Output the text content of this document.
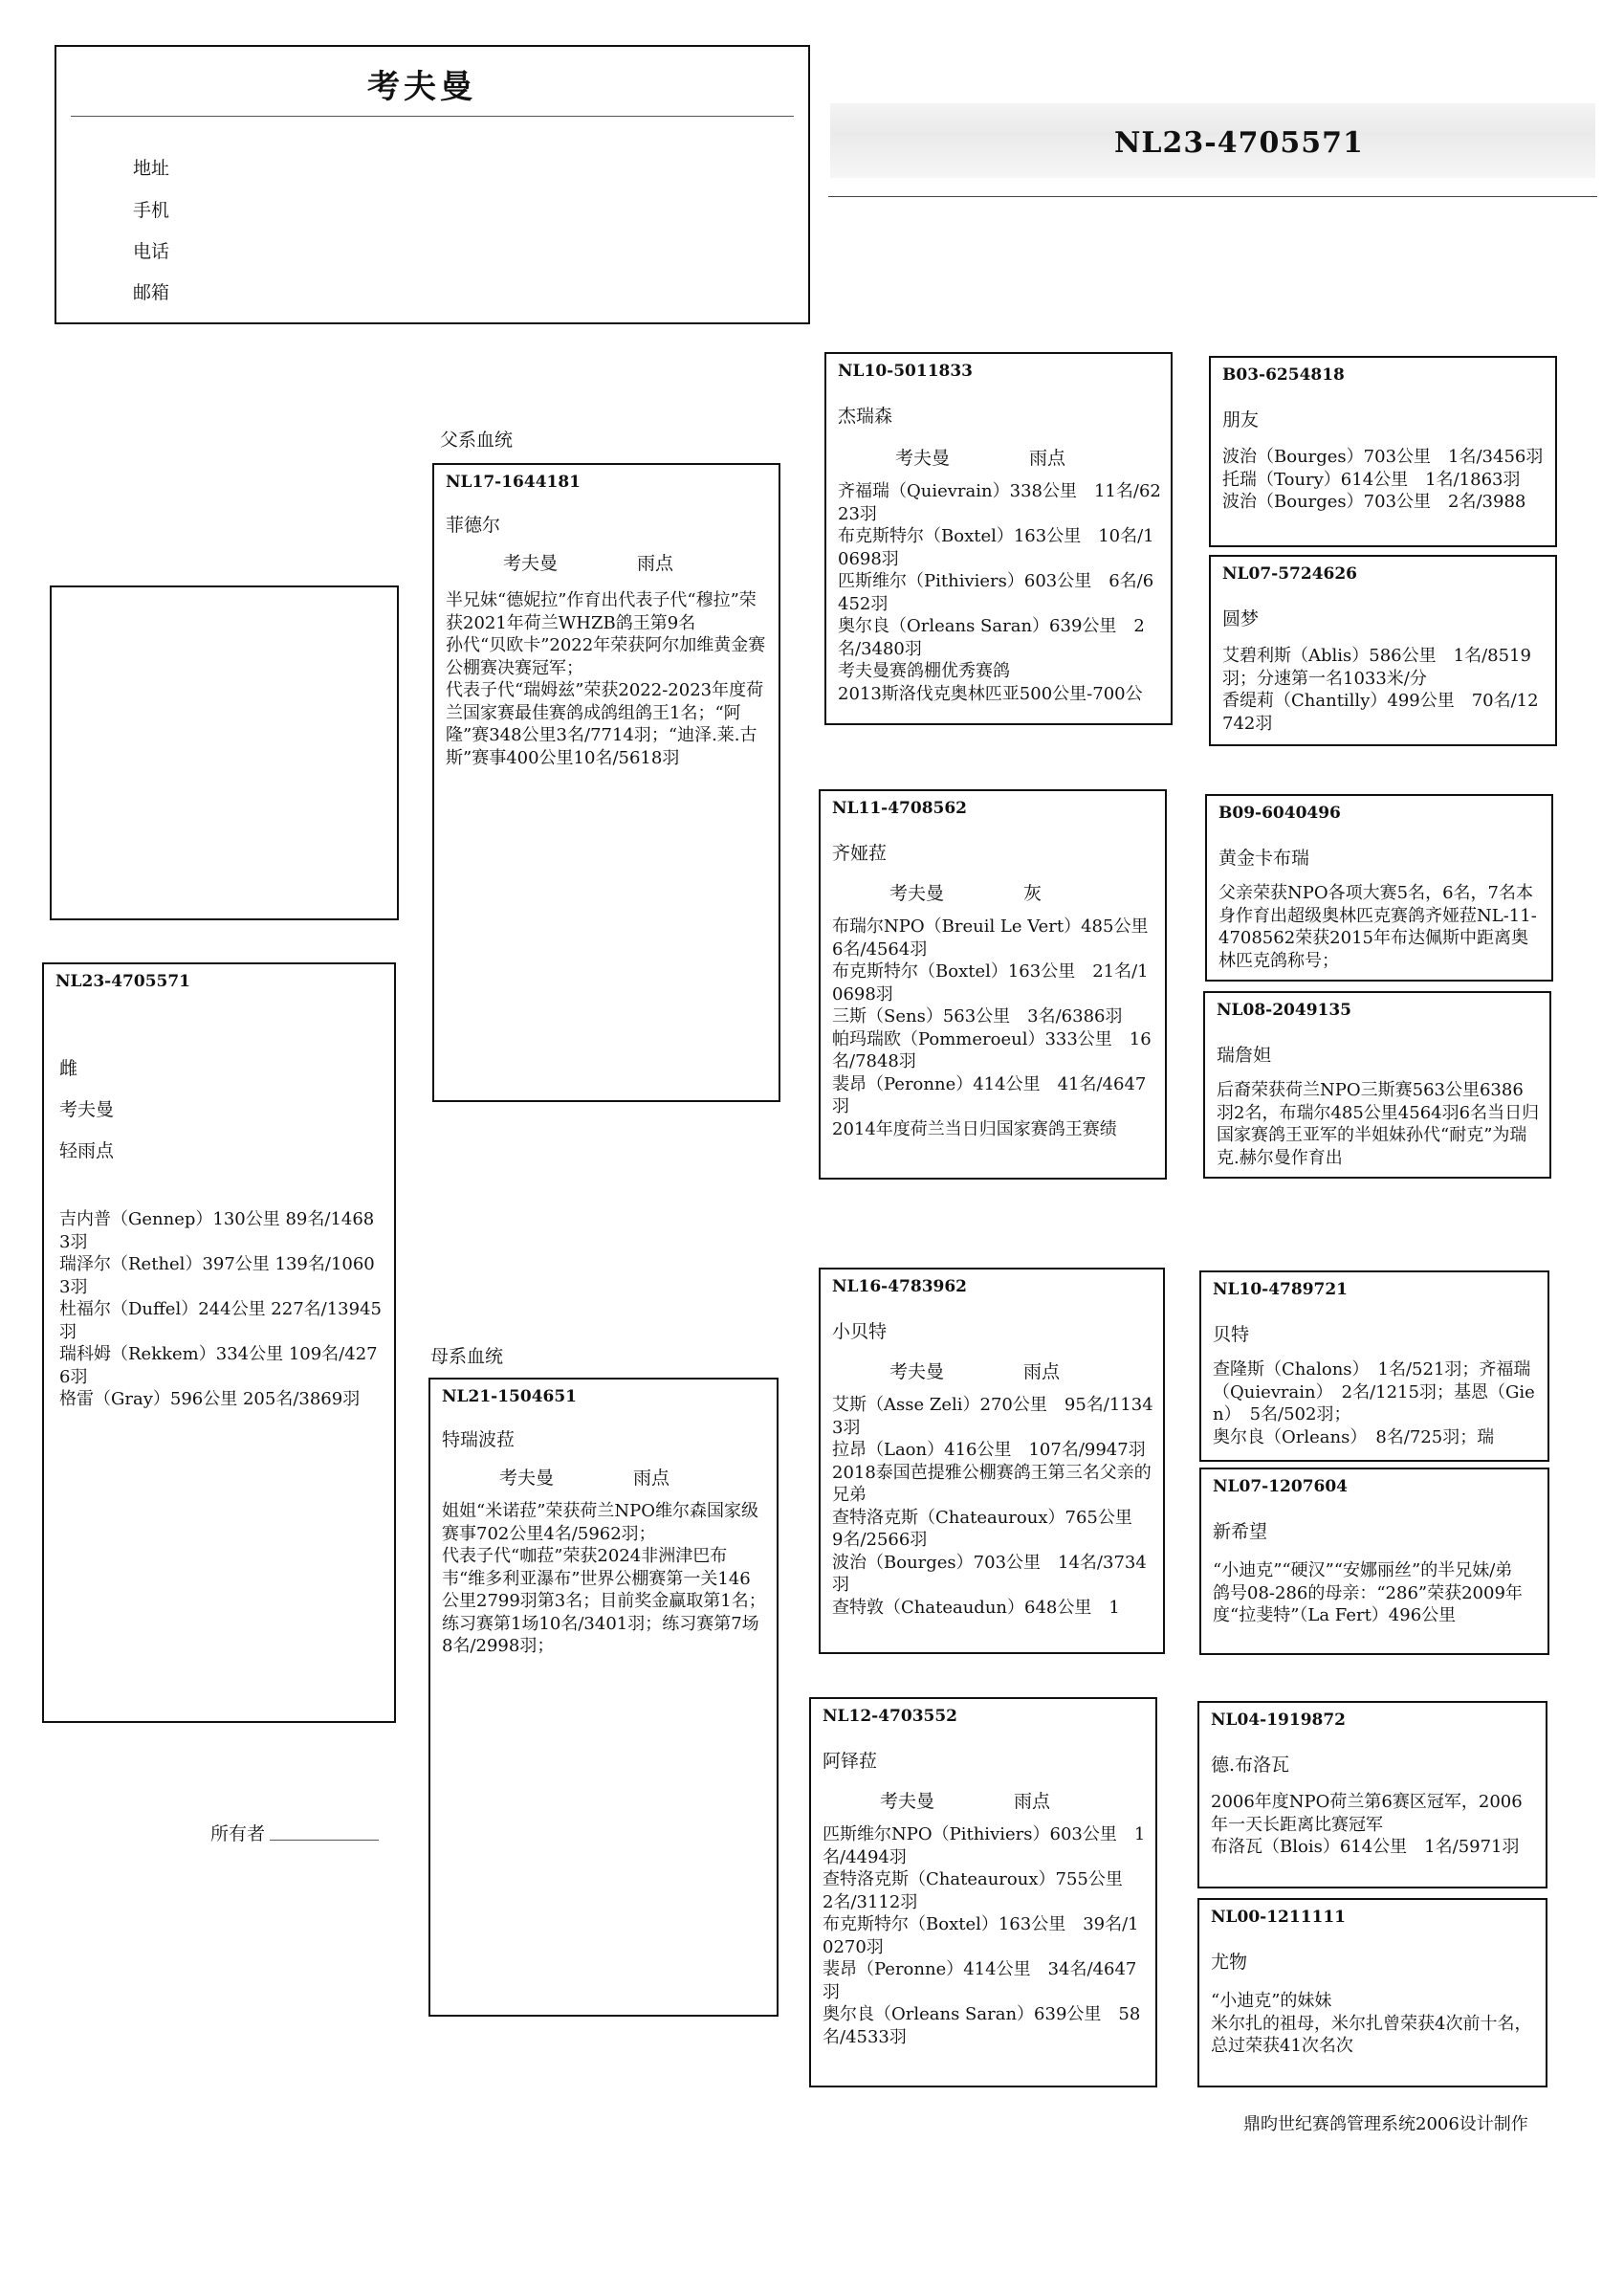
考夫曼
地址
手机
电话
邮箱
NL23-4705571
父系血统
母系血统
NL23-4705571
雌
考夫曼
轻雨点
吉内普（Gennep）130公里 89名/14683羽
瑞泽尔（Rethel）397公里 139名/10603羽
杜福尔（Duffel）244公里 227名/13945羽
瑞科姆（Rekkem）334公里 109名/4276羽
格雷（Gray）596公里 205名/3869羽
NL17-1644181
菲德尔
考夫曼	雨点
半兄妹“德妮拉”作育出代表子代“穆拉”荣获2021年荷兰WHZB鸽王第9名
孙代“贝欧卡”2022年荣获阿尔加维黄金赛公棚赛决赛冠军；
代表子代“瑞姆兹”荣获2022-2023年度荷兰国家赛最佳赛鸽成鸽组鸽王1名；“阿隆”赛348公里3名/7714羽；“迪泽.莱.古斯”赛事400公里10名/5618羽
NL21-1504651
特瑞波菈
考夫曼	雨点
姐姐“米诺菈”荣获荷兰NPO维尔森国家级赛事702公里4名/5962羽；
代表子代“咖菈”荣获2024非洲津巴布韦“维多利亚瀑布”世界公棚赛第一关146公里2799羽第3名；目前奖金赢取第1名；练习赛第1场10名/3401羽；练习赛第7场8名/2998羽；
NL10-5011833
杰瑞森
考夫曼	雨点
齐福瑞（Quievrain）338公里　11名/6223羽
布克斯特尔（Boxtel）163公里　10名/10698羽
匹斯维尔（Pithiviers）603公里　6名/6452羽
奥尔良（Orleans Saran）639公里　2名/3480羽
考夫曼赛鸽棚优秀赛鸽
2013斯洛伐克奥林匹亚500公里-700公
NL11-4708562
齐娅菈
考夫曼	灰
布瑞尔NPO（Breuil Le Vert）485公里　6名/4564羽
布克斯特尔（Boxtel）163公里　21名/10698羽
三斯（Sens）563公里　3名/6386羽
帕玛瑞欧（Pommeroeul）333公里　16名/7848羽
裴昂（Peronne）414公里　41名/4647羽
2014年度荷兰当日归国家赛鸽王赛绩
NL16-4783962
小贝特
考夫曼	雨点
艾斯（Asse Zeli）270公里　95名/11343羽
拉昂（Laon）416公里　107名/9947羽
2018泰国芭提雅公棚赛鸽王第三名父亲的兄弟
查特洛克斯（Chateauroux）765公里　9名/2566羽
波治（Bourges）703公里　14名/3734羽
查特敦（Chateaudun）648公里　1
NL12-4703552
阿铎菈
考夫曼	雨点
匹斯维尔NPO（Pithiviers）603公里　1名/4494羽
查特洛克斯（Chateauroux）755公里　2名/3112羽
布克斯特尔（Boxtel）163公里　39名/10270羽
裴昂（Peronne）414公里　34名/4647羽
奥尔良（Orleans Saran）639公里　58名/4533羽
B03-6254818
朋友
波治（Bourges）703公里　1名/3456羽
托瑞（Toury）614公里　1名/1863羽
波治（Bourges）703公里　2名/3988
NL07-5724626
圆梦
艾碧利斯（Ablis）586公里　1名/8519羽；分速第一名1033米/分
香缇莉（Chantilly）499公里　70名/12742羽
B09-6040496
黄金卡布瑞
父亲荣获NPO各项大赛5名，6名，7名本身作育出超级奥林匹克赛鸽齐娅菈NL-11-4708562荣获2015年布达佩斯中距离奥林匹克鸽称号；
NL08-2049135
瑞詹妲
后裔荣获荷兰NPO三斯赛563公里6386羽2名，布瑞尔485公里4564羽6名当日归国家赛鸽王亚军的半姐妹孙代“耐克”为瑞克.赫尔曼作育出
NL10-4789721
贝特
查隆斯（Chalons）　1名/521羽；齐福瑞（Quievrain）　2名/1215羽；基恩（Gien）　5名/502羽；
奥尔良（Orleans）　8名/725羽；瑞
NL07-1207604
新希望
“小迪克”“硬汉”“安娜丽丝”的半兄妹/弟
鸽号08-286的母亲：“286”荣获2009年度“拉斐特”（La Fert）496公里
NL04-1919872
德.布洛瓦
2006年度NPO荷兰第6赛区冠军，2006年一天长距离比赛冠军
布洛瓦（Blois）614公里　1名/5971羽
NL00-1211111
尤物
“小迪克”的妹妹
米尔扎的祖母，米尔扎曾荣获4次前十名，总过荣获41次名次
所有者 ____________
鼎昀世纪赛鸽管理系统2006设计制作
